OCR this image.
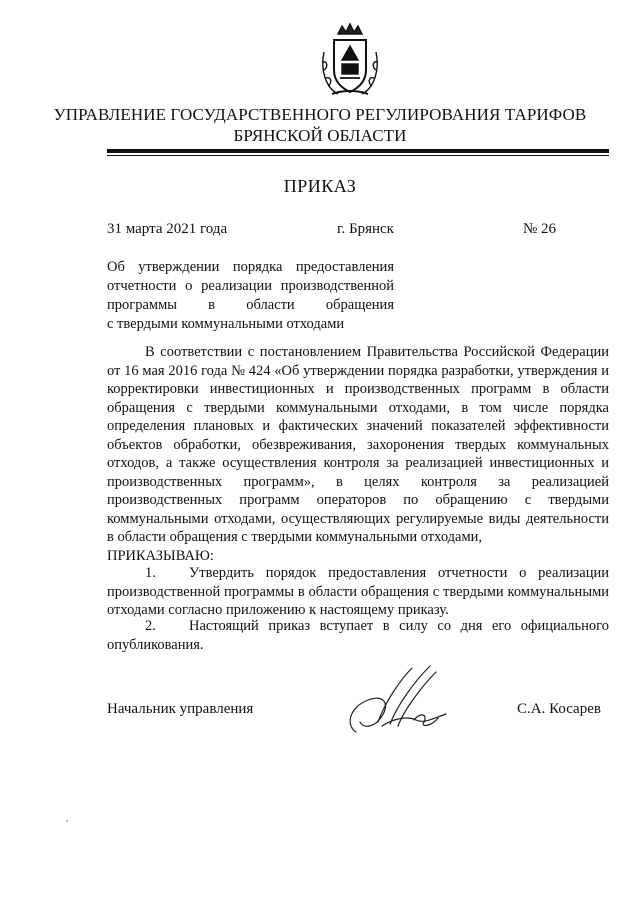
УПРАВЛЕНИЕ ГОСУДАРСТВЕННОГО РЕГУЛИРОВАНИЯ ТАРИФОВ
БРЯНСКОЙ ОБЛАСТИ
ПРИКАЗ
31 марта 2021 года	г. Брянск	№ 26
Об утверждении порядка предоставления
отчетности о реализации производственной
программы в области обращения
с твердыми коммунальными отходами
В соответствии с постановлением Правительства Российской Федерации от 16 мая 2016 года № 424 «Об утверждении порядка разработки, утверждения и корректировки инвестиционных и производственных программ в области обращения с твердыми коммунальными отходами, в том числе порядка определения плановых и фактических значений показателей эффективности объектов обработки, обезвреживания, захоронения твердых коммунальных отходов, а также осуществления контроля за реализацией инвестиционных и производственных программ», в целях контроля за реализацией производственных программ операторов по обращению с твердыми коммунальными отходами, осуществляющих регулируемые виды деятельности в области обращения с твердыми коммунальными отходами,
ПРИКАЗЫВАЮ:
1. Утвердить порядок предоставления отчетности о реализации производственной программы в области обращения с твердыми коммунальными отходами согласно приложению к настоящему приказу.
2. Настоящий приказ вступает в силу со дня его официального опубликования.
Начальник управления	С.А. Косарев
